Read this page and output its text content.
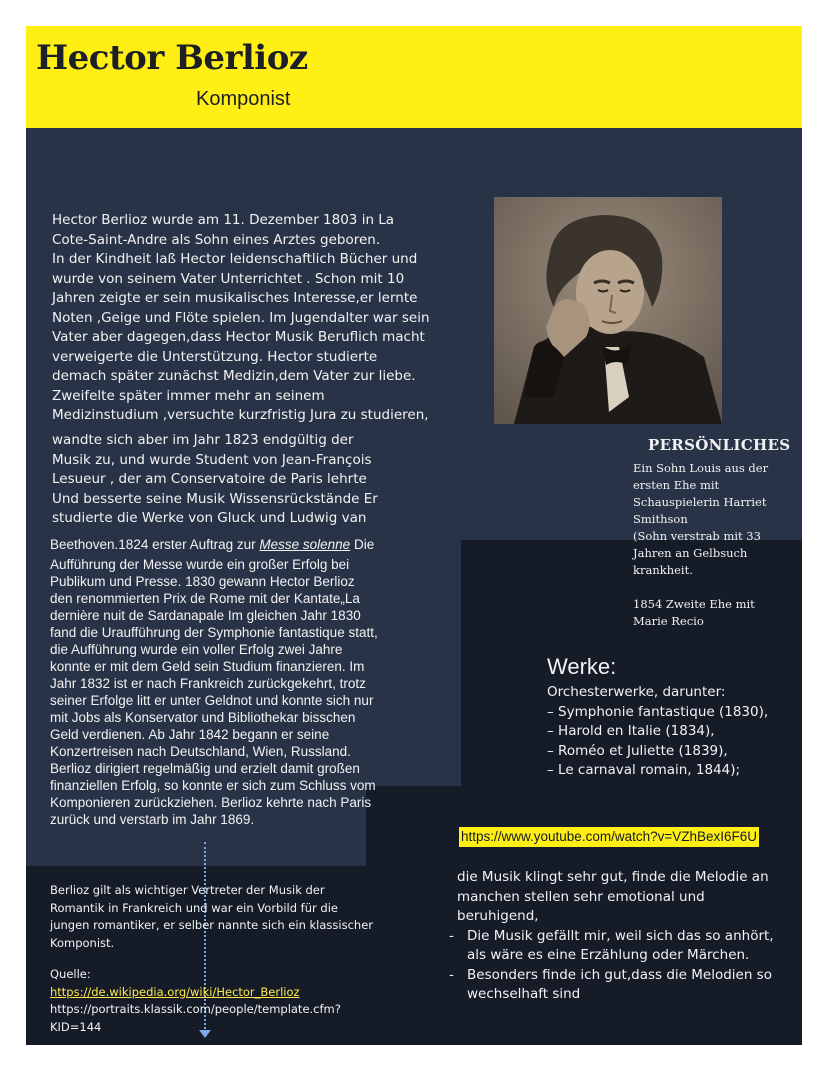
Hector Berlioz
Komponist

Hector Berlioz wurde am 11. Dezember 1803 in La Cote-Saint-Andre als Sohn eines Arztes geboren.
In der Kindheit laß Hector leidenschaftlich Bücher und wurde von seinem Vater Unterrichtet . Schon mit 10 Jahren zeigte er sein musikalisches Interesse,er lernte Noten ,Geige und Flöte spielen. Im Jugendalter war sein Vater aber dagegen,dass Hector Musik Beruflich macht verweigerte die Unterstützung. Hector studierte demach später zunächst Medizin,dem Vater zur liebe. Zweifelte später immer mehr an seinem Medizinstudium ,versuchte kurzfristig Jura zu studieren,

wandte sich aber im Jahr 1823 endgültig der Musik zu, und wurde Student von Jean-François Lesueur , der am Conservatoire de Paris lehrte Und besserte seine Musik Wissensrückstände Er studierte die Werke von Gluck und Ludwig van

Beethoven.1824 erster Auftrag zur Messe solenne Die Aufführung der Messe wurde ein großer Erfolg bei Publikum und Presse. 1830 gewann Hector Berlioz den renommierten Prix de Rome mit der Kantate„La dernière nuit de Sardanapale Im gleichen Jahr 1830 fand die Uraufführung der Symphonie fantastique statt, die Aufführung wurde ein voller Erfolg zwei Jahre konnte er mit dem Geld sein Studium finanzieren. Im Jahr 1832 ist er nach Frankreich zurückgekehrt, trotz seiner Erfolge litt er unter Geldnot und konnte sich nur mit Jobs als Konservator und Bibliothekar bisschen Geld verdienen. Ab Jahr 1842 begann er seine Konzertreisen nach Deutschland, Wien, Russland. Berlioz dirigiert regelmäßig und erzielt damit großen finanziellen Erfolg, so konnte er sich zum Schluss vom Komponieren zurückziehen. Berlioz kehrte nach Paris zurück und verstarb im Jahr 1869.

Berlioz gilt als wichtiger Vertreter der Musik der Romantik in Frankreich und war ein Vorbild für die jungen romantiker, er selber nannte sich ein klassischer Komponist.

Quelle:
https://de.wikipedia.org/wiki/Hector_Berlioz
https://portraits.klassik.com/people/template.cfm?KID=144
PERSÖNLICHES
Ein Sohn Louis aus der ersten Ehe mit Schauspielerin Harriet Smithson
(Sohn verstrab mit 33 Jahren an Gelbsuch krankheit.
1854 Zweite Ehe mit Marie Recio
Werke:
Orchesterwerke, darunter:
– Symphonie fantastique (1830),
– Harold en Italie (1834),
– Roméo et Juliette (1839),
– Le carnaval romain, 1844);
https://www.youtube.com/watch?v=VZhBexI6F6U
die Musik klingt sehr gut, finde die Melodie an manchen stellen sehr emotional und beruhigend,
- Die Musik gefällt mir, weil sich das so anhört, als wäre es eine Erzählung oder Märchen.
- Besonders finde ich gut,dass die Melodien so wechselhaft sind
